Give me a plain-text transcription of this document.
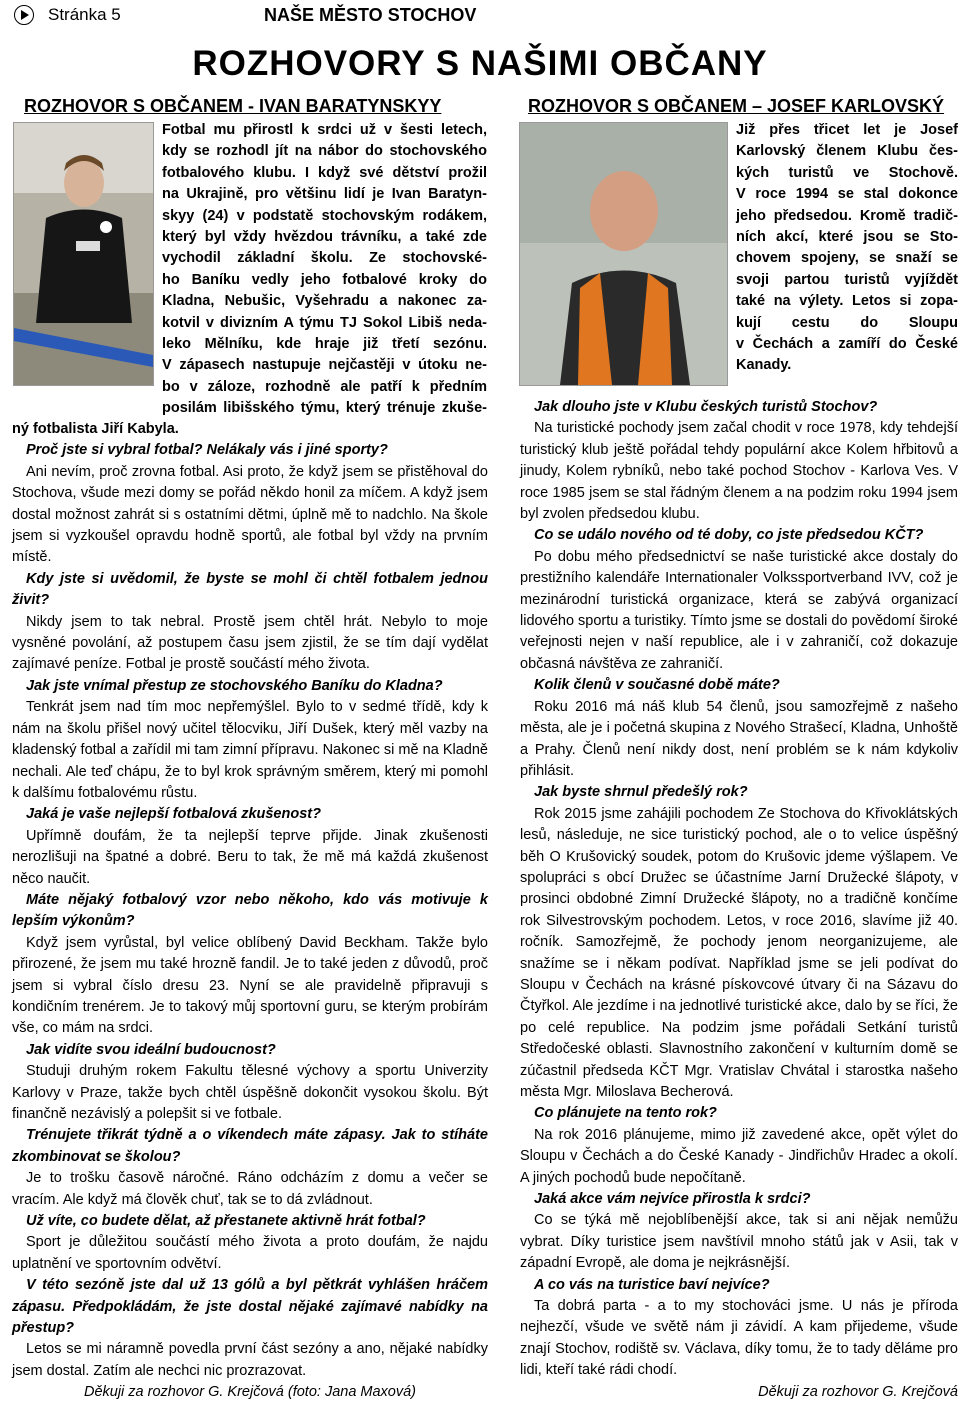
Stránka 5	NAŠE MĚSTO STOCHOV
ROZHOVORY S NAŠIMI OBČANY
ROZHOVOR S OBČANEM - IVAN BARATYNSKYY

Fotbal mu přirostl k srdci už v šesti letech,

kdy se rozhodl jít na nábor do stochovského

fotbalového klubu. I když své dětství prožil

na Ukrajině, pro většinu lidí je Ivan Baratyn-

skyy (24) v podstatě stochovským rodákem,

který byl vždy hvězdou trávníku, a také zde

vychodil základní školu. Ze stochovské-

ho Baníku vedly jeho fotbalové kroky do

Kladna, Nebušic, Vyšehradu a nakonec za-

kotvil v divizním A týmu TJ Sokol Libiš neda-

leko Mělníku, kde hraje již třetí sezónu.

V zápasech nastupuje nejčastěji v útoku ne-

bo v záloze, rozhodně ale patří k předním

posilám libišského týmu, který trénuje zkuše-

ný fotbalista Jiří Kabyla.

Proč jste si vybral fotbal? Nelákaly vás i jiné sporty?

Ani nevím, proč zrovna fotbal. Asi proto, že když jsem se přistěhoval do Stochova, všude mezi domy se pořád někdo honil za míčem. A když jsem dostal možnost zahrát si s ostatními dětmi, úplně mě to nadchlo. Na škole jsem si vyzkoušel opravdu hodně sportů, ale fotbal byl vždy na prvním místě.

Kdy jste si uvědomil, že byste se mohl či chtěl fotbalem jednou živit?

Nikdy jsem to tak nebral. Prostě jsem chtěl hrát. Nebylo to moje vysněné povolání, až postupem času jsem zjistil, že se tím dají vydělat zajímavé peníze. Fotbal je prostě součástí mého života.

Jak jste vnímal přestup ze stochovského Baníku do Kladna?

Tenkrát jsem nad tím moc nepřemýšlel. Bylo to v sedmé třídě, kdy k nám na školu přišel nový učitel tělocviku, Jiří Dušek, který měl vazby na kladenský fotbal a zařídil mi tam zimní přípravu. Nakonec si mě na Kladně nechali. Ale teď chápu, že to byl krok správným směrem, který mi pomohl k dalšímu fotbalovému růstu.

Jaká je vaše nejlepší fotbalová zkušenost?

Upřímně doufám, že ta nejlepší teprve přijde. Jinak zkušenosti nerozlišuji na špatné a dobré. Beru to tak, že mě má každá zkušenost něco naučit.

Máte nějaký fotbalový vzor nebo někoho, kdo vás motivuje k lepším výkonům?

Když jsem vyrůstal, byl velice oblíbený David Beckham. Takže bylo přirozené, že jsem mu také hrozně fandil. Je to také jeden z důvodů, proč jsem si vybral číslo dresu 23. Nyní se ale pravidelně připravuji s kondičním trenérem. Je to takový můj sportovní guru, se kterým probírám vše, co mám na srdci.

Jak vidíte svou ideální budoucnost?

Studuji druhým rokem Fakultu tělesné výchovy a sportu Univerzity Karlovy v Praze, takže bych chtěl úspěšně dokončit vysokou školu. Být finančně nezávislý a polepšit si ve fotbale.

Trénujete třikrát týdně a o víkendech máte zápasy. Jak to stíháte zkombinovat se školou?

Je to trošku časově náročné. Ráno odcházím z domu a večer se vracím. Ale když má člověk chuť, tak se to dá zvládnout.

Už víte, co budete dělat, až přestanete aktivně hrát fotbal?

Sport je důležitou součástí mého života a proto doufám, že najdu uplatnění ve sportovním odvětví.

V této sezóně jste dal už 13 gólů a byl pětkrát vyhlášen hráčem zápasu. Předpokládám, že jste dostal nějaké zajímavé nabídky na přestup?

Letos se mi náramně povedla první část sezóny a ano, nějaké nabídky jsem dostal. Zatím ale nechci nic prozrazovat.

Děkuji za rozhovor G. Krejčová (foto: Jana Maxová)

ROZHOVOR S OBČANEM – JOSEF KARLOVSKÝ

Již přes třicet let je Josef

Karlovský členem Klubu čes-

kých turistů ve Stochově.

V roce 1994 se stal dokonce

jeho předsedou. Kromě tradič-

ních akcí, které jsou se Sto-

chovem spojeny, se snaží se

svoji partou turistů vyjíždět

také na výlety. Letos si zopa-

kují cestu do Sloupu

v Čechách a zamíří do České

Kanady.

Jak dlouho jste v Klubu českých turistů Stochov?

Na turistické pochody jsem začal chodit v roce 1978, kdy tehdejší turistický klub ještě pořádal tehdy populární akce Kolem hřbitovů a jinudy, Kolem rybníků, nebo také pochod Stochov - Karlova Ves. V roce 1985 jsem se stal řádným členem a na podzim roku 1994 jsem byl zvolen předsedou klubu.

Co se událo nového od té doby, co jste předsedou KČT?

Po dobu mého předsednictví se naše turistické akce dostaly do prestižního kalendáře Internationaler Volkssportverband IVV, což je mezinárodní turistická organizace, která se zabývá organizací lidového sportu a turistiky. Tímto jsme se dostali do povědomí široké veřejnosti nejen v naší republice, ale i v zahraničí, což dokazuje občasná návštěva ze zahraničí.

Kolik členů v současné době máte?

Roku 2016 má náš klub 54 členů, jsou samozřejmě z našeho města, ale je i početná skupina z Nového Strašecí, Kladna, Unhoště a Prahy. Členů není nikdy dost, není problém se k nám kdykoliv přihlásit.

Jak byste shrnul předešlý rok?

Rok 2015 jsme zahájili pochodem Ze Stochova do Křivoklátských lesů, následuje, ne sice turistický pochod, ale o to velice úspěšný běh O Krušovický soudek, potom do Krušovic jdeme výšlapem. Ve spolupráci s obcí Družec se účastníme Jarní Družecké šlápoty, v prosinci obdobné Zimní Družecké šlápoty, no a tradičně končíme rok Silvestrovským pochodem. Letos, v roce 2016, slavíme již 40. ročník. Samozřejmě, že pochody jenom neorganizujeme, ale snažíme se i někam podívat. Například jsme se jeli podívat do Sloupu v Čechách na krásné pískovcové útvary či na Sázavu do Čtyřkol. Ale jezdíme i na jednotlivé turistické akce, dalo by se říci, že po celé republice. Na podzim jsme pořádali Setkání turistů Středočeské oblasti. Slavnostního zakončení v kulturním domě se zúčastnil předseda KČT Mgr. Vratislav Chvátal i starostka našeho města Mgr. Miloslava Becherová.

Co plánujete na tento rok?

Na rok 2016 plánujeme, mimo již zavedené akce, opět výlet do Sloupu v Čechách a do České Kanady - Jindřichův Hradec a okolí. A jiných pochodů bude nepočítaně.

Jaká akce vám nejvíce přirostla k srdci?

Co se týká mě nejoblíbenější akce, tak si ani nějak nemůžu vybrat. Díky turistice jsem navštívil mnoho států jak v Asii, tak v západní Evropě, ale doma je nejkrásnější.

A co vás na turistice baví nejvíce?

Ta dobrá parta - a to my stochováci jsme. U nás je příroda nejhezčí, všude ve světě nám ji závidí. A kam přijedeme, všude znají Stochov, rodiště sv. Václava, díky tomu, že to tady děláme pro lidi, kteří také rádi chodí.

Děkuji za rozhovor G. Krejčová
